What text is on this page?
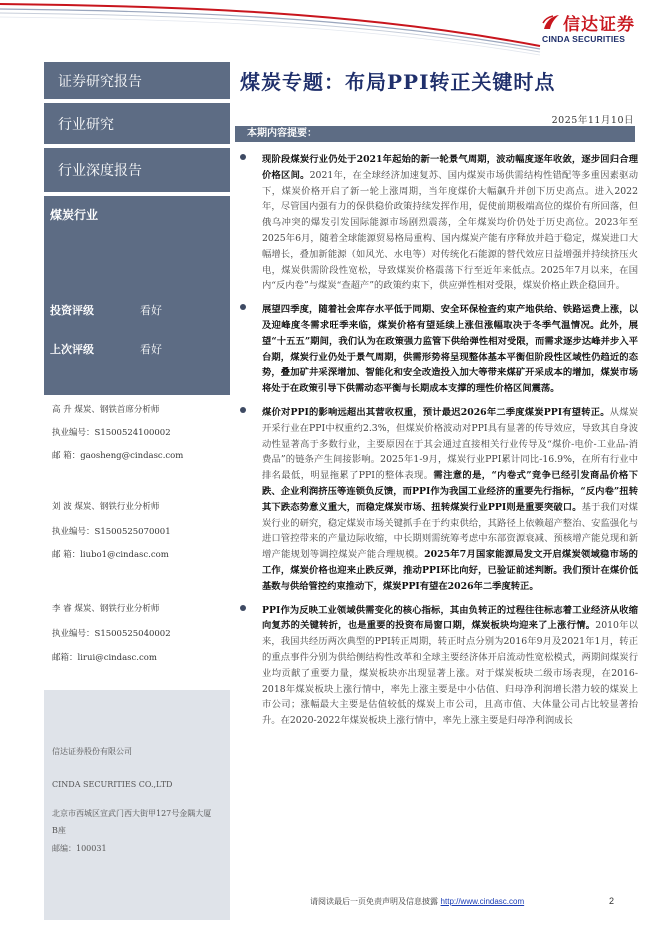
信达证券
CINDA SECURITIES
证券研究报告
行业研究
行业深度报告
煤炭行业
投资评级	看好
上次评级	看好
高 升 煤炭、钢铁首席分析师
执业编号：S1500524100002
邮 箱：gaosheng@cindasc.com
刘 波 煤炭、钢铁行业分析师
执业编号：S1500525070001
邮 箱：liubo1@cindasc.com
李 睿 煤炭、钢铁行业分析师
执业编号：S1500525040002
邮箱：lirui@cindasc.com
信达证券股份有限公司
CINDA SECURITIES CO.,LTD
北京市西城区宣武门西大街甲127号金隅大厦
B座
邮编：100031
煤炭专题：布局PPI转正关键时点
2025年11月10日
本期内容提要：
现阶段煤炭行业仍处于2021年起始的新一轮景气周期，波动幅度逐年收敛，逐步回归合理价格区间。2021年，在全球经济加速复苏、国内煤炭市场供需结构性错配等多重因素驱动下，煤炭价格开启了新一轮上涨周期，当年度煤价大幅飙升并创下历史高点。进入2022年，尽管国内强有力的保供稳价政策持续发挥作用，促使前期极端高位的煤价有所回落，但俄乌冲突的爆发引发国际能源市场剧烈震荡，全年煤炭均价仍处于历史高位。2023年至2025年6月，随着全球能源贸易格局重构、国内煤炭产能有序释放并趋于稳定，煤炭进口大幅增长，叠加新能源（如风光、水电等）对传统化石能源的替代效应日益增强并持续挤压火电，煤炭供需阶段性宽松，导致煤炭价格震荡下行至近年来低点。2025年7月以来，在国内“反内卷”与煤炭“查超产”的政策约束下，供应弹性相对受限，煤炭价格止跌企稳回升。
展望四季度，随着社会库存水平低于同期、安全环保检查约束产地供给、铁路运费上涨，以及迎峰度冬需求旺季来临，煤炭价格有望延续上涨但涨幅取决于冬季气温情况。此外，展望“十五五”期间，我们认为在政策强力监管下供给弹性相对受限，而需求逐步达峰并步入平台期，煤炭行业仍处于景气周期，供需形势将呈现整体基本平衡但阶段性区域性仍趋近的态势，叠加矿井采深增加、智能化和安全改造投入加大等带来煤矿开采成本的增加，煤炭市场将处于在政策引导下供需动态平衡与长期成本支撑的理性价格区间震荡。
煤价对PPI的影响远超出其营收权重，预计最迟2026年二季度煤炭PPI有望转正。从煤炭开采行业在PPI中权重约2.3%，但煤炭价格波动对PPI具有显著的传导效应，导致其自身波动性显著高于多数行业，主要原因在于其会通过直接相关行业传导及“煤价-电价-工业品-消费品”的链条产生间接影响。2025年1-9月，煤炭行业PPI累计同比-16.9%，在所有行业中排名最低，明显拖累了PPI的整体表现。需注意的是，“内卷式”竞争已经引发商品价格下跌、企业利润挤压等连锁负反馈，而PPI作为我国工业经济的重要先行指标，“反内卷”扭转其下跌态势意义重大，而稳定煤炭市场、扭转煤炭行业PPI则是重要突破口。基于我们对煤炭行业的研究，稳定煤炭市场关键抓手在于约束供给，其路径上依赖超产整治、安监强化与进口管控带来的产量边际收缩，中长期则需统筹考虑中东部资源衰减、预核增产能兑现和新增产能规划等调控煤炭产能合理规模。2025年7月国家能源局发文开启煤炭领域稳市场的工作，煤炭价格也迎来止跌反弹，推动PPI环比向好，已验证前述判断。我们预计在煤价低基数与供给管控约束推动下，煤炭PPI有望在2026年二季度转正。
PPI作为反映工业领域供需变化的核心指标，其由负转正的过程往往标志着工业经济从收缩向复苏的关键转折，也是重要的投资布局窗口期，煤炭板块均迎来了上涨行情。2010年以来，我国共经历两次典型的PPI转正周期，转正时点分别为2016年9月及2021年1月，转正的重点事件分别为供给侧结构性改革和全球主要经济体开启流动性宽松模式，两期间煤炭行业均贡献了重要力量，煤炭板块亦出现显著上涨。对于煤炭板块二级市场表现，在2016-2018年煤炭板块上涨行情中，率先上涨主要是中小估值、归母净利润增长潜力较的煤炭上市公司；涨幅最大主要是估值较低的煤炭上市公司，且高市值、大体量公司占比较显著抬升。在2020-2022年煤炭板块上涨行情中，率先上涨主要是归母净利润成长
请阅读最后一页免责声明及信息披露 http://www.cindasc.com	2
